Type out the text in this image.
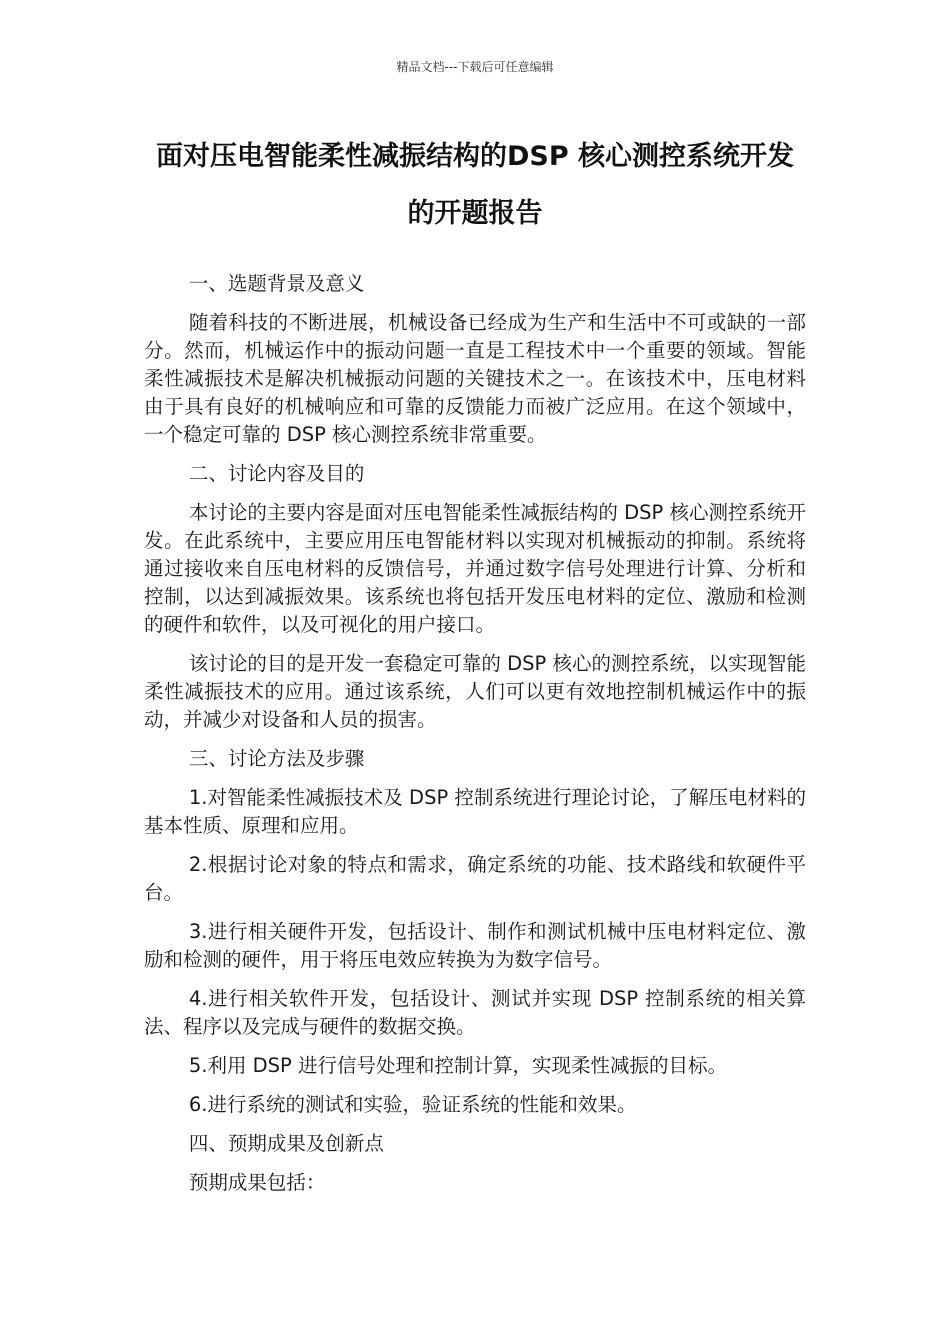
精品文档---下载后可任意编辑
面对压电智能柔性减振结构的DSP 核心测控系统开发的开题报告

一、选题背景及意义

随着科技的不断进展，机械设备已经成为生产和生活中不可或缺的一部分。然而，机械运作中的振动问题一直是工程技术中一个重要的领域。智能柔性减振技术是解决机械振动问题的关键技术之一。在该技术中，压电材料由于具有良好的机械响应和可靠的反馈能力而被广泛应用。在这个领域中，一个稳定可靠的 DSP 核心测控系统非常重要。

二、讨论内容及目的

本讨论的主要内容是面对压电智能柔性减振结构的 DSP 核心测控系统开发。在此系统中，主要应用压电智能材料以实现对机械振动的抑制。系统将通过接收来自压电材料的反馈信号，并通过数字信号处理进行计算、分析和控制，以达到减振效果。该系统也将包括开发压电材料的定位、激励和检测的硬件和软件，以及可视化的用户接口。

该讨论的目的是开发一套稳定可靠的 DSP 核心的测控系统，以实现智能柔性减振技术的应用。通过该系统，人们可以更有效地控制机械运作中的振动，并减少对设备和人员的损害。

三、讨论方法及步骤

1.对智能柔性减振技术及 DSP 控制系统进行理论讨论，了解压电材料的基本性质、原理和应用。

2.根据讨论对象的特点和需求，确定系统的功能、技术路线和软硬件平台。

3.进行相关硬件开发，包括设计、制作和测试机械中压电材料定位、激励和检测的硬件，用于将压电效应转换为为数字信号。

4.进行相关软件开发，包括设计、测试并实现 DSP 控制系统的相关算法、程序以及完成与硬件的数据交换。

5.利用 DSP 进行信号处理和控制计算，实现柔性减振的目标。

6.进行系统的测试和实验，验证系统的性能和效果。

四、预期成果及创新点

预期成果包括：
